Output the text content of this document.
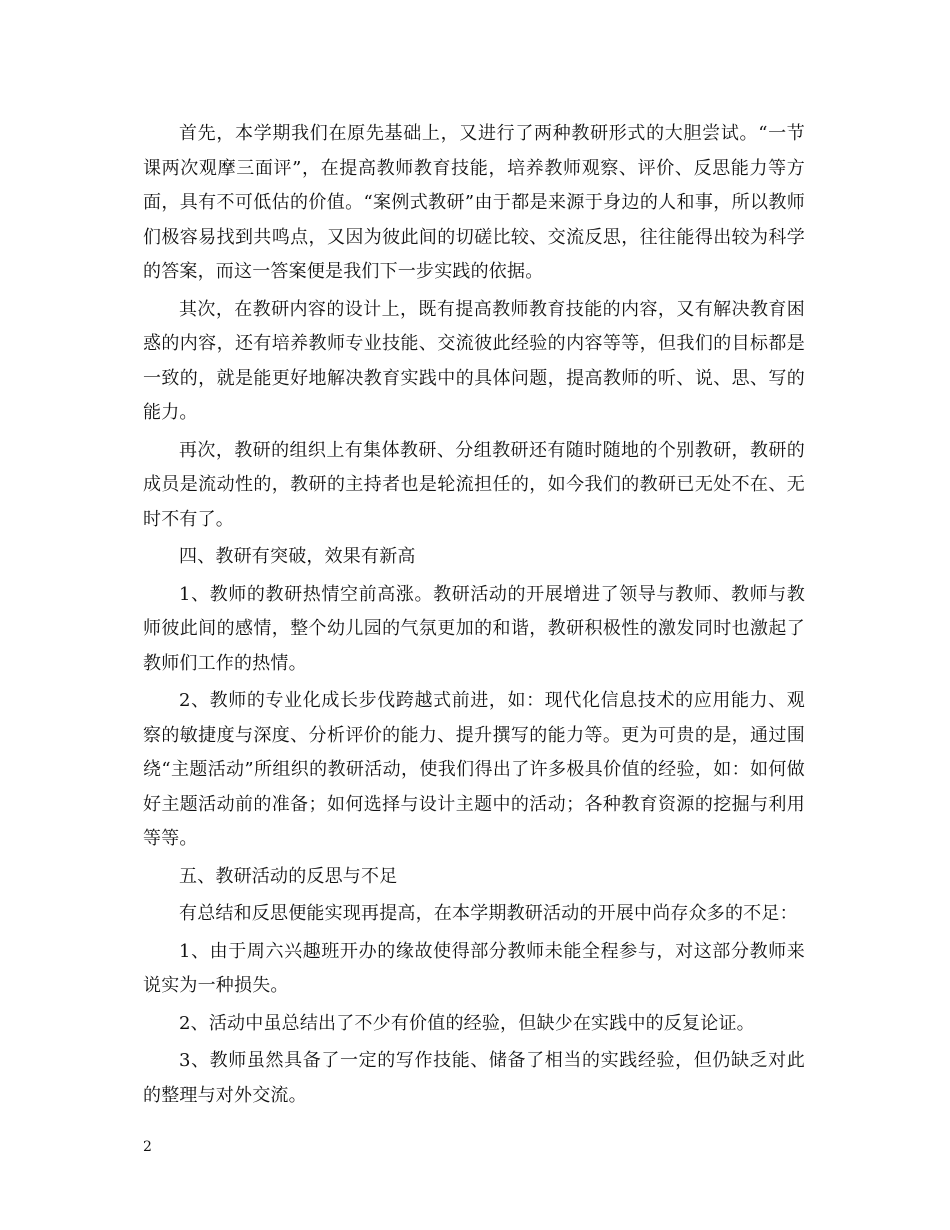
首先，本学期我们在原先基础上，又进行了两种教研形式的大胆尝试。“一节课两次观摩三面评”，在提高教师教育技能，培养教师观察、评价、反思能力等方面，具有不可低估的价值。“案例式教研”由于都是来源于身边的人和事，所以教师们极容易找到共鸣点，又因为彼此间的切磋比较、交流反思，往往能得出较为科学的答案，而这一答案便是我们下一步实践的依据。

其次，在教研内容的设计上，既有提高教师教育技能的内容，又有解决教育困惑的内容，还有培养教师专业技能、交流彼此经验的内容等等，但我们的目标都是一致的，就是能更好地解决教育实践中的具体问题，提高教师的听、说、思、写的能力。

再次，教研的组织上有集体教研、分组教研还有随时随地的个别教研，教研的成员是流动性的，教研的主持者也是轮流担任的，如今我们的教研已无处不在、无时不有了。

四、教研有突破，效果有新高

1、教师的教研热情空前高涨。教研活动的开展增进了领导与教师、教师与教师彼此间的感情，整个幼儿园的气氛更加的和谐，教研积极性的激发同时也激起了教师们工作的热情。

2、教师的专业化成长步伐跨越式前进，如：现代化信息技术的应用能力、观察的敏捷度与深度、分析评价的能力、提升撰写的能力等。更为可贵的是，通过围绕“主题活动”所组织的教研活动，使我们得出了许多极具价值的经验，如：如何做好主题活动前的准备；如何选择与设计主题中的活动；各种教育资源的挖掘与利用等等。

五、教研活动的反思与不足

有总结和反思便能实现再提高，在本学期教研活动的开展中尚存众多的不足：

1、由于周六兴趣班开办的缘故使得部分教师未能全程参与，对这部分教师来说实为一种损失。

2、活动中虽总结出了不少有价值的经验，但缺少在实践中的反复论证。

3、教师虽然具备了一定的写作技能、储备了相当的实践经验，但仍缺乏对此的整理与对外交流。

2
